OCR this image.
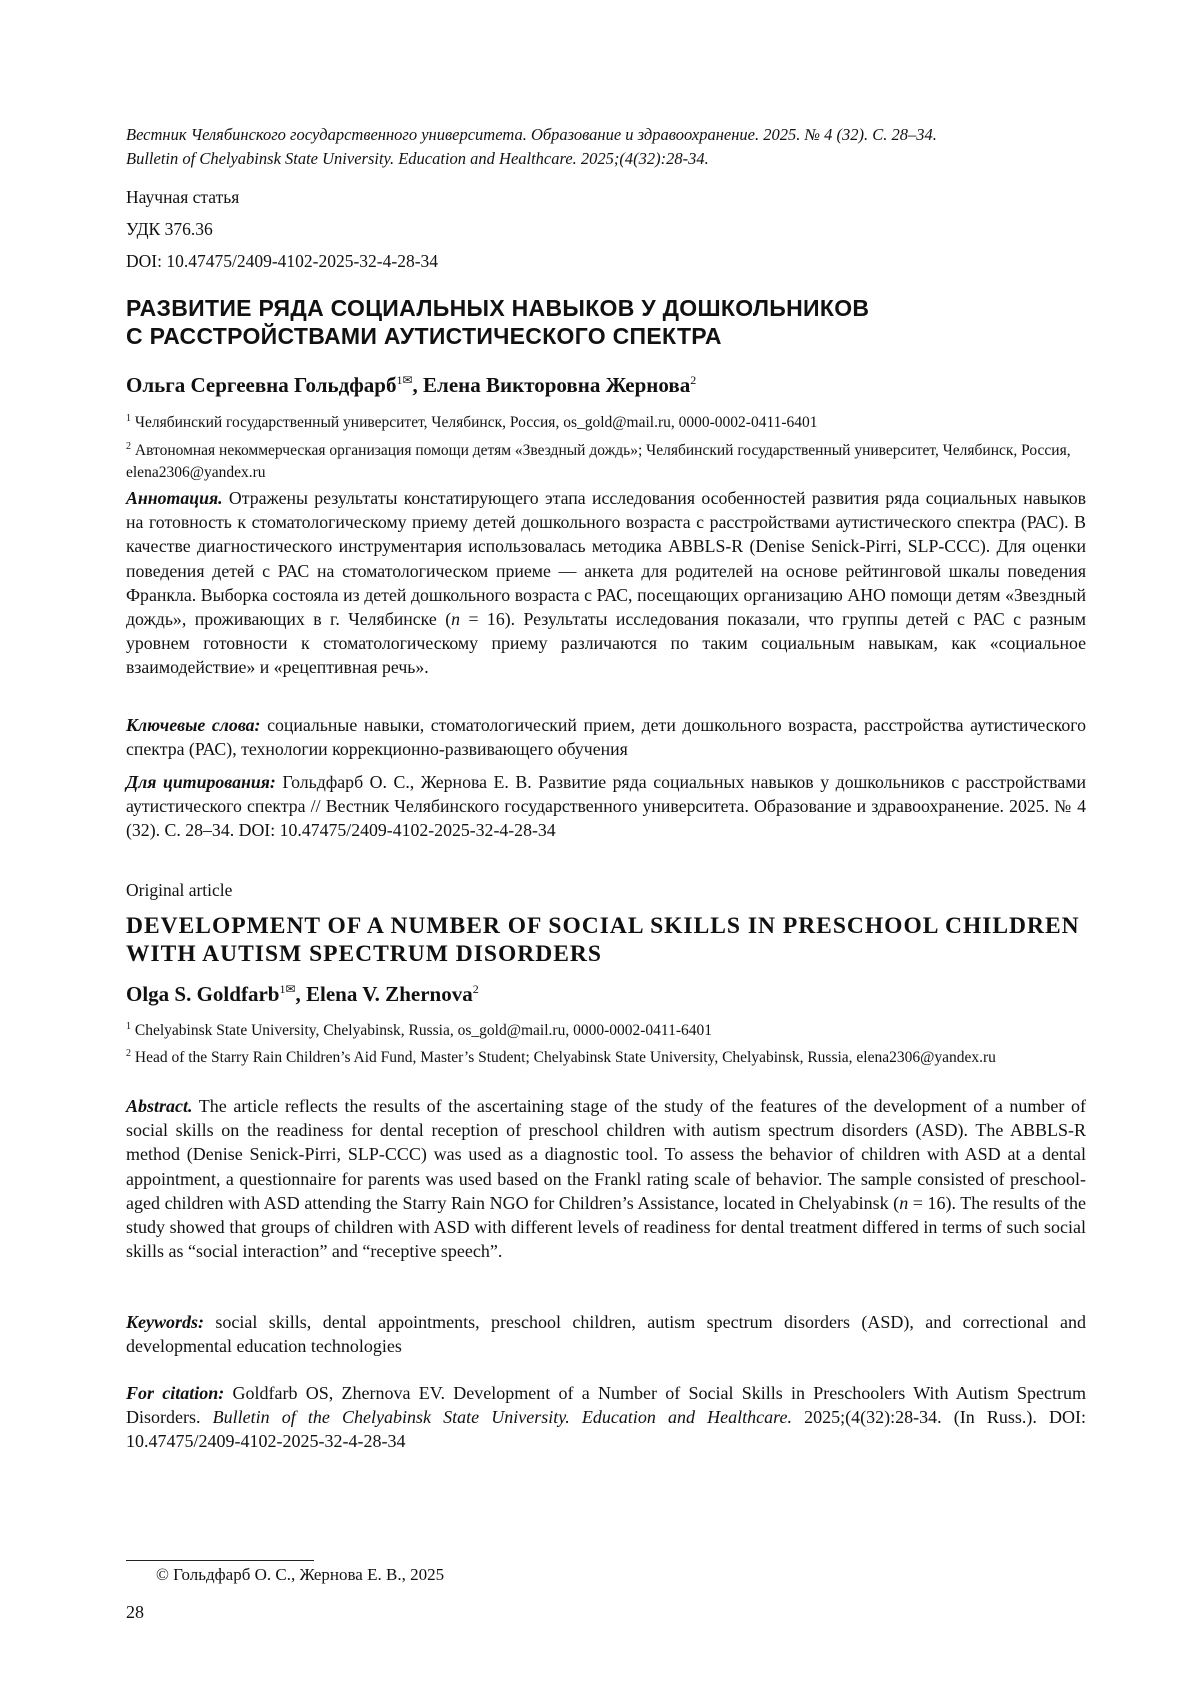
Вестник Челябинского государственного университета. Образование и здравоохранение. 2025. № 4 (32). С. 28–34.
Bulletin of Chelyabinsk State University. Education and Healthcare. 2025;(4(32):28-34.
Научная статья
УДК 376.36
DOI: 10.47475/2409-4102-2025-32-4-28-34
РАЗВИТИЕ РЯДА СОЦИАЛЬНЫХ НАВЫКОВ У ДОШКОЛЬНИКОВ
С РАССТРОЙСТВАМИ АУТИСТИЧЕСКОГО СПЕКТРА
Ольга Сергеевна Гольдфарб$^{1✉}$, Елена Викторовна Жернова$^2$
$^1$ Челябинский государственный университет, Челябинск, Россия, os_gold@mail.ru, 0000-0002-0411-6401
$^2$ Автономная некоммерческая организация помощи детям «Звездный дождь»; Челябинский государственный университет, Челябинск, Россия, elena2306@yandex.ru
Аннотация. Отражены результаты констатирующего этапа исследования особенностей развития ряда социальных навыков на готовность к стоматологическому приему детей дошкольного возраста с расстройствами аутистического спектра (РАС). В качестве диагностического инструментария использовалась методика ABBLS-R (Denise Senick-Pirri, SLP-CCC). Для оценки поведения детей с РАС на стоматологическом приеме — анкета для родителей на основе рейтинговой шкалы поведения Франкла. Выборка состояла из детей дошкольного возраста с РАС, посещающих организацию АНО помощи детям «Звездный дождь», проживающих в г. Челябинске (n = 16). Результаты исследования показали, что группы детей с РАС с разным уровнем готовности к стоматологическому приему различаются по таким социальным навыкам, как «социальное взаимодействие» и «рецептивная речь».
Ключевые слова: социальные навыки, стоматологический прием, дети дошкольного возраста, расстройства аутистического спектра (РАС), технологии коррекционно-развивающего обучения
Для цитирования: Гольдфарб О. С., Жернова Е. В. Развитие ряда социальных навыков у дошкольников с расстройствами аутистического спектра // Вестник Челябинского государственного университета. Образование и здравоохранение. 2025. № 4 (32). С. 28–34. DOI: 10.47475/2409-4102-2025-32-4-28-34
Original article
DEVELOPMENT OF A NUMBER OF SOCIAL SKILLS IN PRESCHOOL CHILDREN
WITH AUTISM SPECTRUM DISORDERS
Olga S. Goldfarb$^{1✉}$, Elena V. Zhernova$^2$
$^1$ Chelyabinsk State University, Chelyabinsk, Russia, os_gold@mail.ru, 0000-0002-0411-6401
$^2$ Head of the Starry Rain Children’s Aid Fund, Master’s Student; Chelyabinsk State University, Chelyabinsk, Russia, elena2306@yandex.ru
Abstract. The article reflects the results of the ascertaining stage of the study of the features of the development of a number of social skills on the readiness for dental reception of preschool children with autism spectrum disorders (ASD). The ABBLS-R method (Denise Senick-Pirri, SLP-CCC) was used as a diagnostic tool. To assess the behavior of children with ASD at a dental appointment, a questionnaire for parents was used based on the Frankl rating scale of behavior. The sample consisted of preschool-aged children with ASD attending the Starry Rain NGO for Children’s Assistance, located in Chelyabinsk (n = 16). The results of the study showed that groups of children with ASD with different levels of readiness for dental treatment differed in terms of such social skills as “social interaction” and “receptive speech”.
Keywords: social skills, dental appointments, preschool children, autism spectrum disorders (ASD), and correctional and developmental education technologies
For citation: Goldfarb OS, Zhernova EV. Development of a Number of Social Skills in Preschoolers With Autism Spectrum Disorders. Bulletin of the Chelyabinsk State University. Education and Healthcare. 2025;(4(32):28-34. (In Russ.). DOI: 10.47475/2409-4102-2025-32-4-28-34
© Гольдфарб О. С., Жернова Е. В., 2025
28
